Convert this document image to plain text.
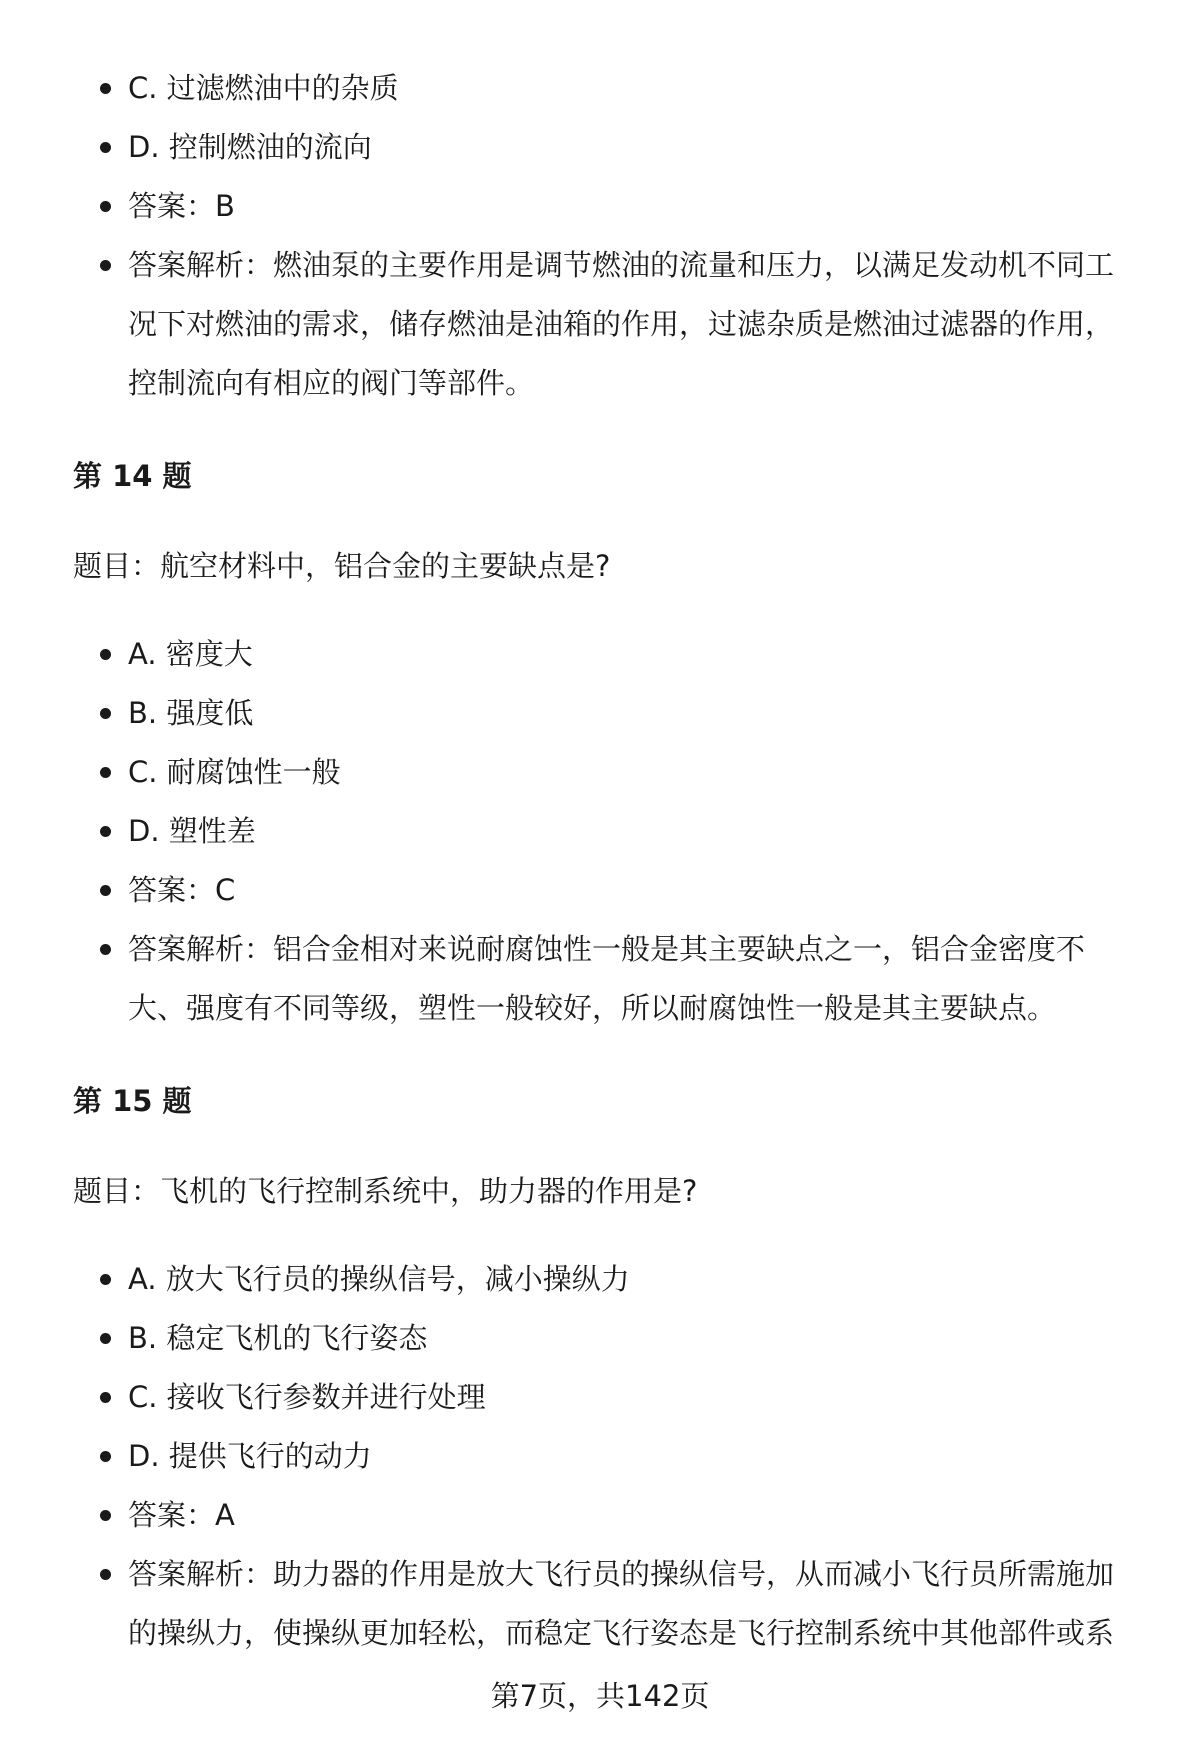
C. 过滤燃油中的杂质
D. 控制燃油的流向
答案：B
答案解析：燃油泵的主要作用是调节燃油的流量和压力，以满足发动机不同工况下对燃油的需求，储存燃油是油箱的作用，过滤杂质是燃油过滤器的作用，控制流向有相应的阀门等部件。
第 14 题
题目：航空材料中，铝合金的主要缺点是?
A. 密度大
B. 强度低
C. 耐腐蚀性一般
D. 塑性差
答案：C
答案解析：铝合金相对来说耐腐蚀性一般是其主要缺点之一，铝合金密度不大、强度有不同等级，塑性一般较好，所以耐腐蚀性一般是其主要缺点。
第 15 题
题目：飞机的飞行控制系统中，助力器的作用是?
A. 放大飞行员的操纵信号，减小操纵力
B. 稳定飞机的飞行姿态
C. 接收飞行参数并进行处理
D. 提供飞行的动力
答案：A
答案解析：助力器的作用是放大飞行员的操纵信号，从而减小飞行员所需施加的操纵力，使操纵更加轻松，而稳定飞行姿态是飞行控制系统中其他部件或系
第7页，共142页
